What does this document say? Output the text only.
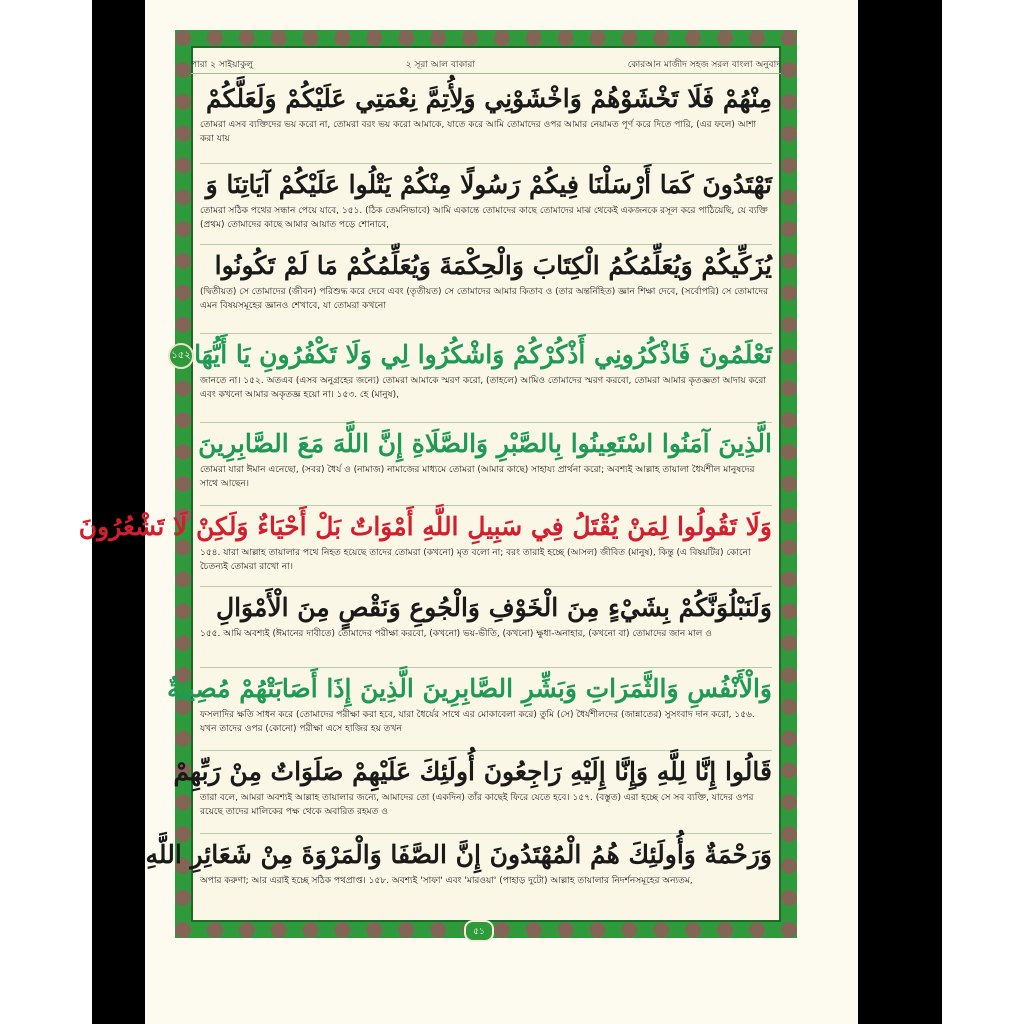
পারা ২ সাইয়াকুলু	২ সূরা আল বাকারা	কোরআন মাজীদ সহজ সরল বাংলা অনুবাদ
مِنْهُمْ فَلَا تَخْشَوْهُمْ وَاخْشَوْنِي وَلِأُتِمَّ نِعْمَتِي عَلَيْكُمْ وَلَعَلَّكُمْ
তোমরা এসব ব্যক্তিদের ভয় করো না, তোমরা বরং ভয় করো আমাকে, যাতে করে আমি তোমাদের ওপর আমার নেয়ামত পূর্ণ করে দিতে পারি, (এর ফলে) আশা করা যায়
تَهْتَدُونَ كَمَا أَرْسَلْنَا فِيكُمْ رَسُولًا مِنْكُمْ يَتْلُوا عَلَيْكُمْ آيَاتِنَا وَ
তোমরা সঠিক পথের সন্ধান পেয়ে যাবে, ১৫১. (ঠিক তেমনিভাবে) আমি একান্তে তোমাদের কাছে তোমাদের মাঝ থেকেই একজনকে রসূল করে পাঠিয়েছি, যে ব্যক্তি (প্রথম) তোমাদের কাছে আমার আয়াত পড়ে শোনাবে,
يُزَكِّيكُمْ وَيُعَلِّمُكُمُ الْكِتَابَ وَالْحِكْمَةَ وَيُعَلِّمُكُمْ مَا لَمْ تَكُونُوا
(দ্বিতীয়ত) সে তোমাদের (জীবন) পরিশুদ্ধ করে দেবে এবং (তৃতীয়ত) সে তোমাদের আমার কিতাব ও (তার অন্তর্নিহিত) জ্ঞান শিক্ষা দেবে, (সর্বোপরি) সে তোমাদের এমন বিষয়সমূহের জ্ঞানও শেখাবে, যা তোমরা কখনো
১৫২ تَعْلَمُونَ فَاذْكُرُونِي أَذْكُرْكُمْ وَاشْكُرُوا لِي وَلَا تَكْفُرُونِ يَا أَيُّهَا
জানতে না। ১৫২. অতএব (এসব অনুগ্রহের জন্যে) তোমরা আমাকে স্মরণ করো, (তাহলে) আমিও তোমাদের স্মরণ করবো, তোমরা আমার কৃতজ্ঞতা আদায় করো এবং কখনো আমার অকৃতজ্ঞ হয়ো না। ১৫৩. হে (মানুষ),
الَّذِينَ آمَنُوا اسْتَعِينُوا بِالصَّبْرِ وَالصَّلَاةِ إِنَّ اللَّهَ مَعَ الصَّابِرِينَ
তোমরা যারা ঈমান এনেছো, (সবর) ধৈর্য ও (নামাজ) নামাজের মাধ্যমে তোমরা (আমার কাছে) সাহায্য প্রার্থনা করো; অবশ্যই আল্লাহ তায়ালা ধৈর্যশীল মানুষদের সাথে আছেন।
وَلَا تَقُولُوا لِمَنْ يُقْتَلُ فِي سَبِيلِ اللَّهِ أَمْوَاتٌ بَلْ أَحْيَاءٌ وَلَكِنْ لَا تَشْعُرُونَ
১৫৪. যারা আল্লাহ তায়ালার পথে নিহত হয়েছে তাদের তোমরা (কখনো) মৃত বলো না; বরং তারাই হচ্ছে (আসল) জীবিত (মানুষ), কিন্তু (এ বিষয়টির) কোনো চৈতন্যই তোমরা রাখো না।
وَلَنَبْلُوَنَّكُمْ بِشَيْءٍ مِنَ الْخَوْفِ وَالْجُوعِ وَنَقْصٍ مِنَ الْأَمْوَالِ
১৫৫. আমি অবশ্যই (ঈমানের দাবীতে) তোমাদের পরীক্ষা করবো, (কখনো) ভয়-ভীতি, (কখনো) ক্ষুধা-অনাহার, (কখনো বা) তোমাদের জান মাল ও
وَالْأَنْفُسِ وَالثَّمَرَاتِ وَبَشِّرِ الصَّابِرِينَ الَّذِينَ إِذَا أَصَابَتْهُمْ مُصِيبَةٌ
ফসলাদির ক্ষতি সাধন করে (তোমাদের পরীক্ষা করা হবে, যারা ধৈর্যের সাথে এর মোকাবেলা করে) তুমি (সে) ধৈর্যশীলদের (জান্নাতের) সুসংবাদ দান করো, ১৫৬. যখন তাদের ওপর (কোনো) পরীক্ষা এসে হাজির হয় তখন
قَالُوا إِنَّا لِلَّهِ وَإِنَّا إِلَيْهِ رَاجِعُونَ أُولَئِكَ عَلَيْهِمْ صَلَوَاتٌ مِنْ رَبِّهِمْ
তারা বলে, আমরা অবশ্যই আল্লাহ তায়ালার জন্যে, আমাদের তো (একদিন) তাঁর কাছেই ফিরে যেতে হবে। ১৫৭. (বস্তুত) এরা হচ্ছে সে সব ব্যক্তি, যাদের ওপর রয়েছে তাদের মালিকের পক্ষ থেকে অবারিত রহমত ও
وَرَحْمَةٌ وَأُولَئِكَ هُمُ الْمُهْتَدُونَ إِنَّ الصَّفَا وَالْمَرْوَةَ مِنْ شَعَائِرِ اللَّهِ
অপার করুণা; আর এরাই হচ্ছে সঠিক পথপ্রাপ্ত। ১৫৮. অবশ্যই 'সাফা' এবং 'মারওয়া' (পাহাড় দুটো) আল্লাহ তায়ালার নিদর্শনসমূহের অন্যতম,
৫১
